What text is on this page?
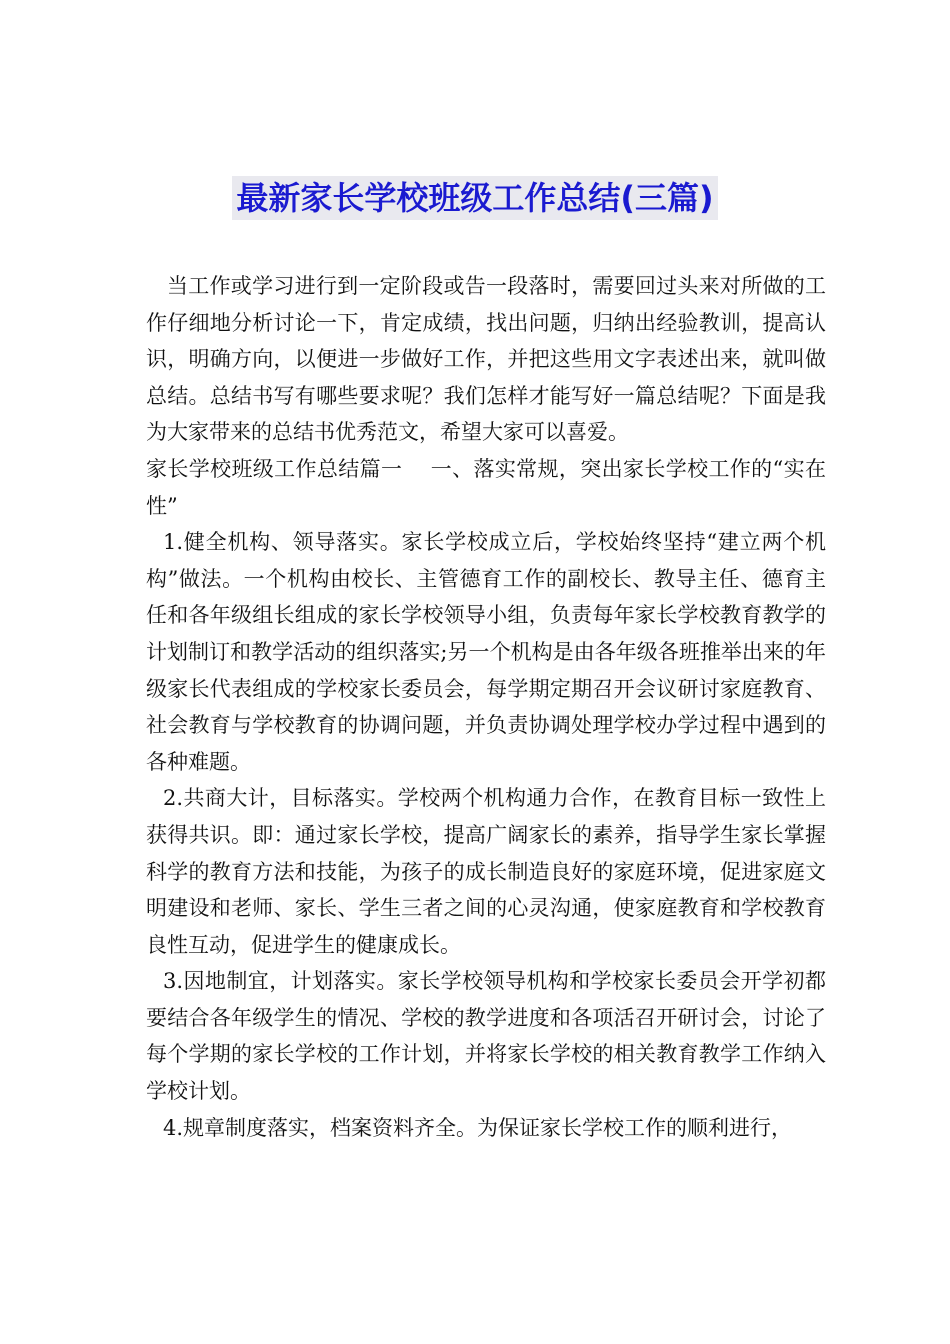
最新家长学校班级工作总结(三篇)

当工作或学习进行到一定阶段或告一段落时，需要回过头来对所做的工作仔细地分析讨论一下，肯定成绩，找出问题，归纳出经验教训，提高认识，明确方向，以便进一步做好工作，并把这些用文字表述出来，就叫做总结。总结书写有哪些要求呢？我们怎样才能写好一篇总结呢？下面是我为大家带来的总结书优秀范文，希望大家可以喜爱。

家长学校班级工作总结篇一　 一、落实常规，突出家长学校工作的“实在性”

1.健全机构、领导落实。家长学校成立后，学校始终坚持“建立两个机构”做法。一个机构由校长、主管德育工作的副校长、教导主任、德育主任和各年级组长组成的家长学校领导小组，负责每年家长学校教育教学的计划制订和教学活动的组织落实;另一个机构是由各年级各班推举出来的年级家长代表组成的学校家长委员会，每学期定期召开会议研讨家庭教育、社会教育与学校教育的协调问题，并负责协调处理学校办学过程中遇到的各种难题。

2.共商大计，目标落实。学校两个机构通力合作，在教育目标一致性上获得共识。即：通过家长学校，提高广阔家长的素养，指导学生家长掌握科学的教育方法和技能，为孩子的成长制造良好的家庭环境，促进家庭文明建设和老师、家长、学生三者之间的心灵沟通，使家庭教育和学校教育良性互动，促进学生的健康成长。

3.因地制宜，计划落实。家长学校领导机构和学校家长委员会开学初都要结合各年级学生的情况、学校的教学进度和各项活召开研讨会，讨论了每个学期的家长学校的工作计划，并将家长学校的相关教育教学工作纳入学校计划。

4.规章制度落实，档案资料齐全。为保证家长学校工作的顺利进行，
